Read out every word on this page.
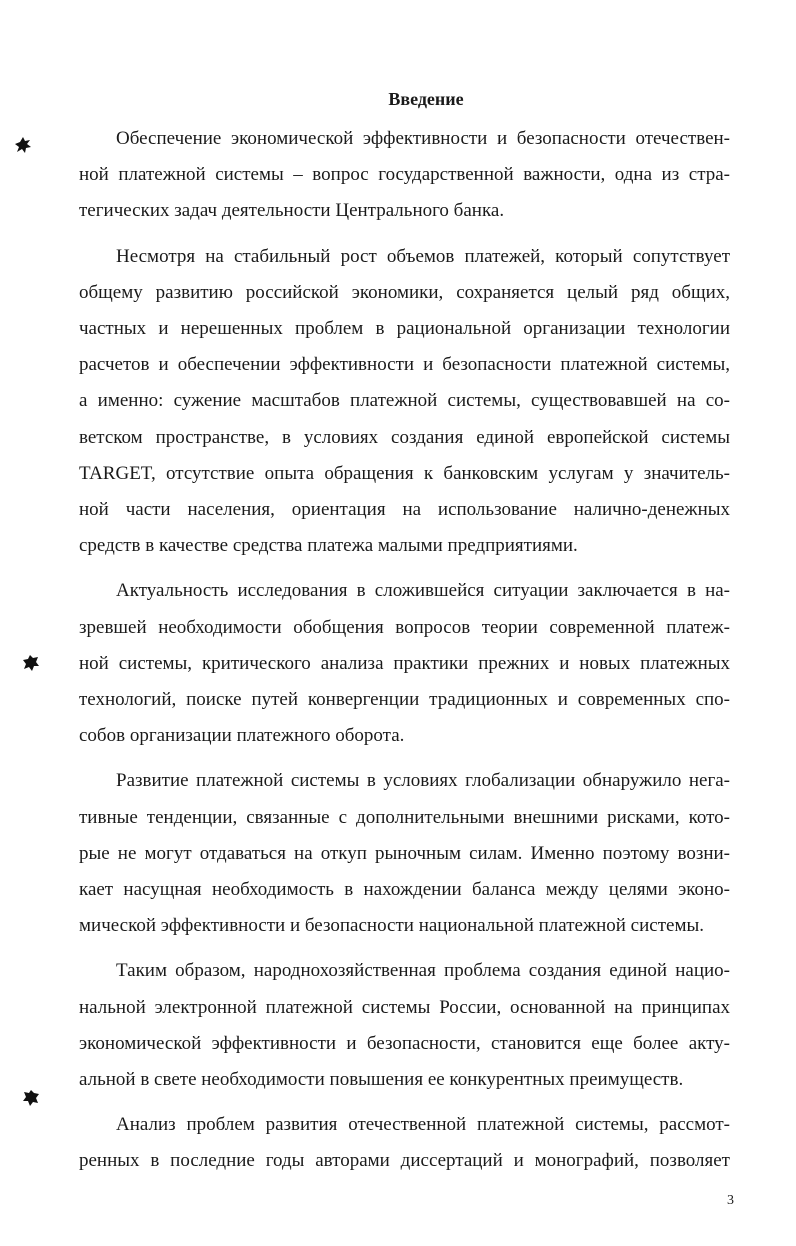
Введение
Обеспечение экономической эффективности и безопасности отечествен-
ной платежной системы – вопрос государственной важности, одна из стра-
тегических задач деятельности Центрального банка.
Несмотря на стабильный рост объемов платежей, который сопутствует
общему развитию российской экономики, сохраняется целый ряд общих,
частных и нерешенных проблем в рациональной организации технологии
расчетов и обеспечении эффективности и безопасности платежной системы,
а именно: сужение масштабов платежной системы, существовавшей на со-
ветском пространстве, в условиях создания единой европейской системы
TARGET, отсутствие опыта обращения к банковским услугам у значитель-
ной части населения, ориентация на использование налично-денежных
средств в качестве средства платежа малыми предприятиями.
Актуальность исследования в сложившейся ситуации заключается в на-
зревшей необходимости обобщения вопросов теории современной платеж-
ной системы, критического анализа практики прежних и новых платежных
технологий, поиске путей конвергенции традиционных и современных спо-
собов организации платежного оборота.
Развитие платежной системы в условиях глобализации обнаружило нега-
тивные тенденции, связанные с дополнительными внешними рисками, кото-
рые не могут отдаваться на откуп рыночным силам. Именно поэтому возни-
кает насущная необходимость в нахождении баланса между целями эконо-
мической эффективности и безопасности национальной платежной системы.
Таким образом, народнохозяйственная проблема создания единой нацио-
нальной электронной платежной системы России, основанной на принципах
экономической эффективности и безопасности, становится еще более акту-
альной в свете необходимости повышения ее конкурентных преимуществ.
Анализ проблем развития отечественной платежной системы, рассмот-
ренных в последние годы авторами диссертаций и монографий, позволяет
3
